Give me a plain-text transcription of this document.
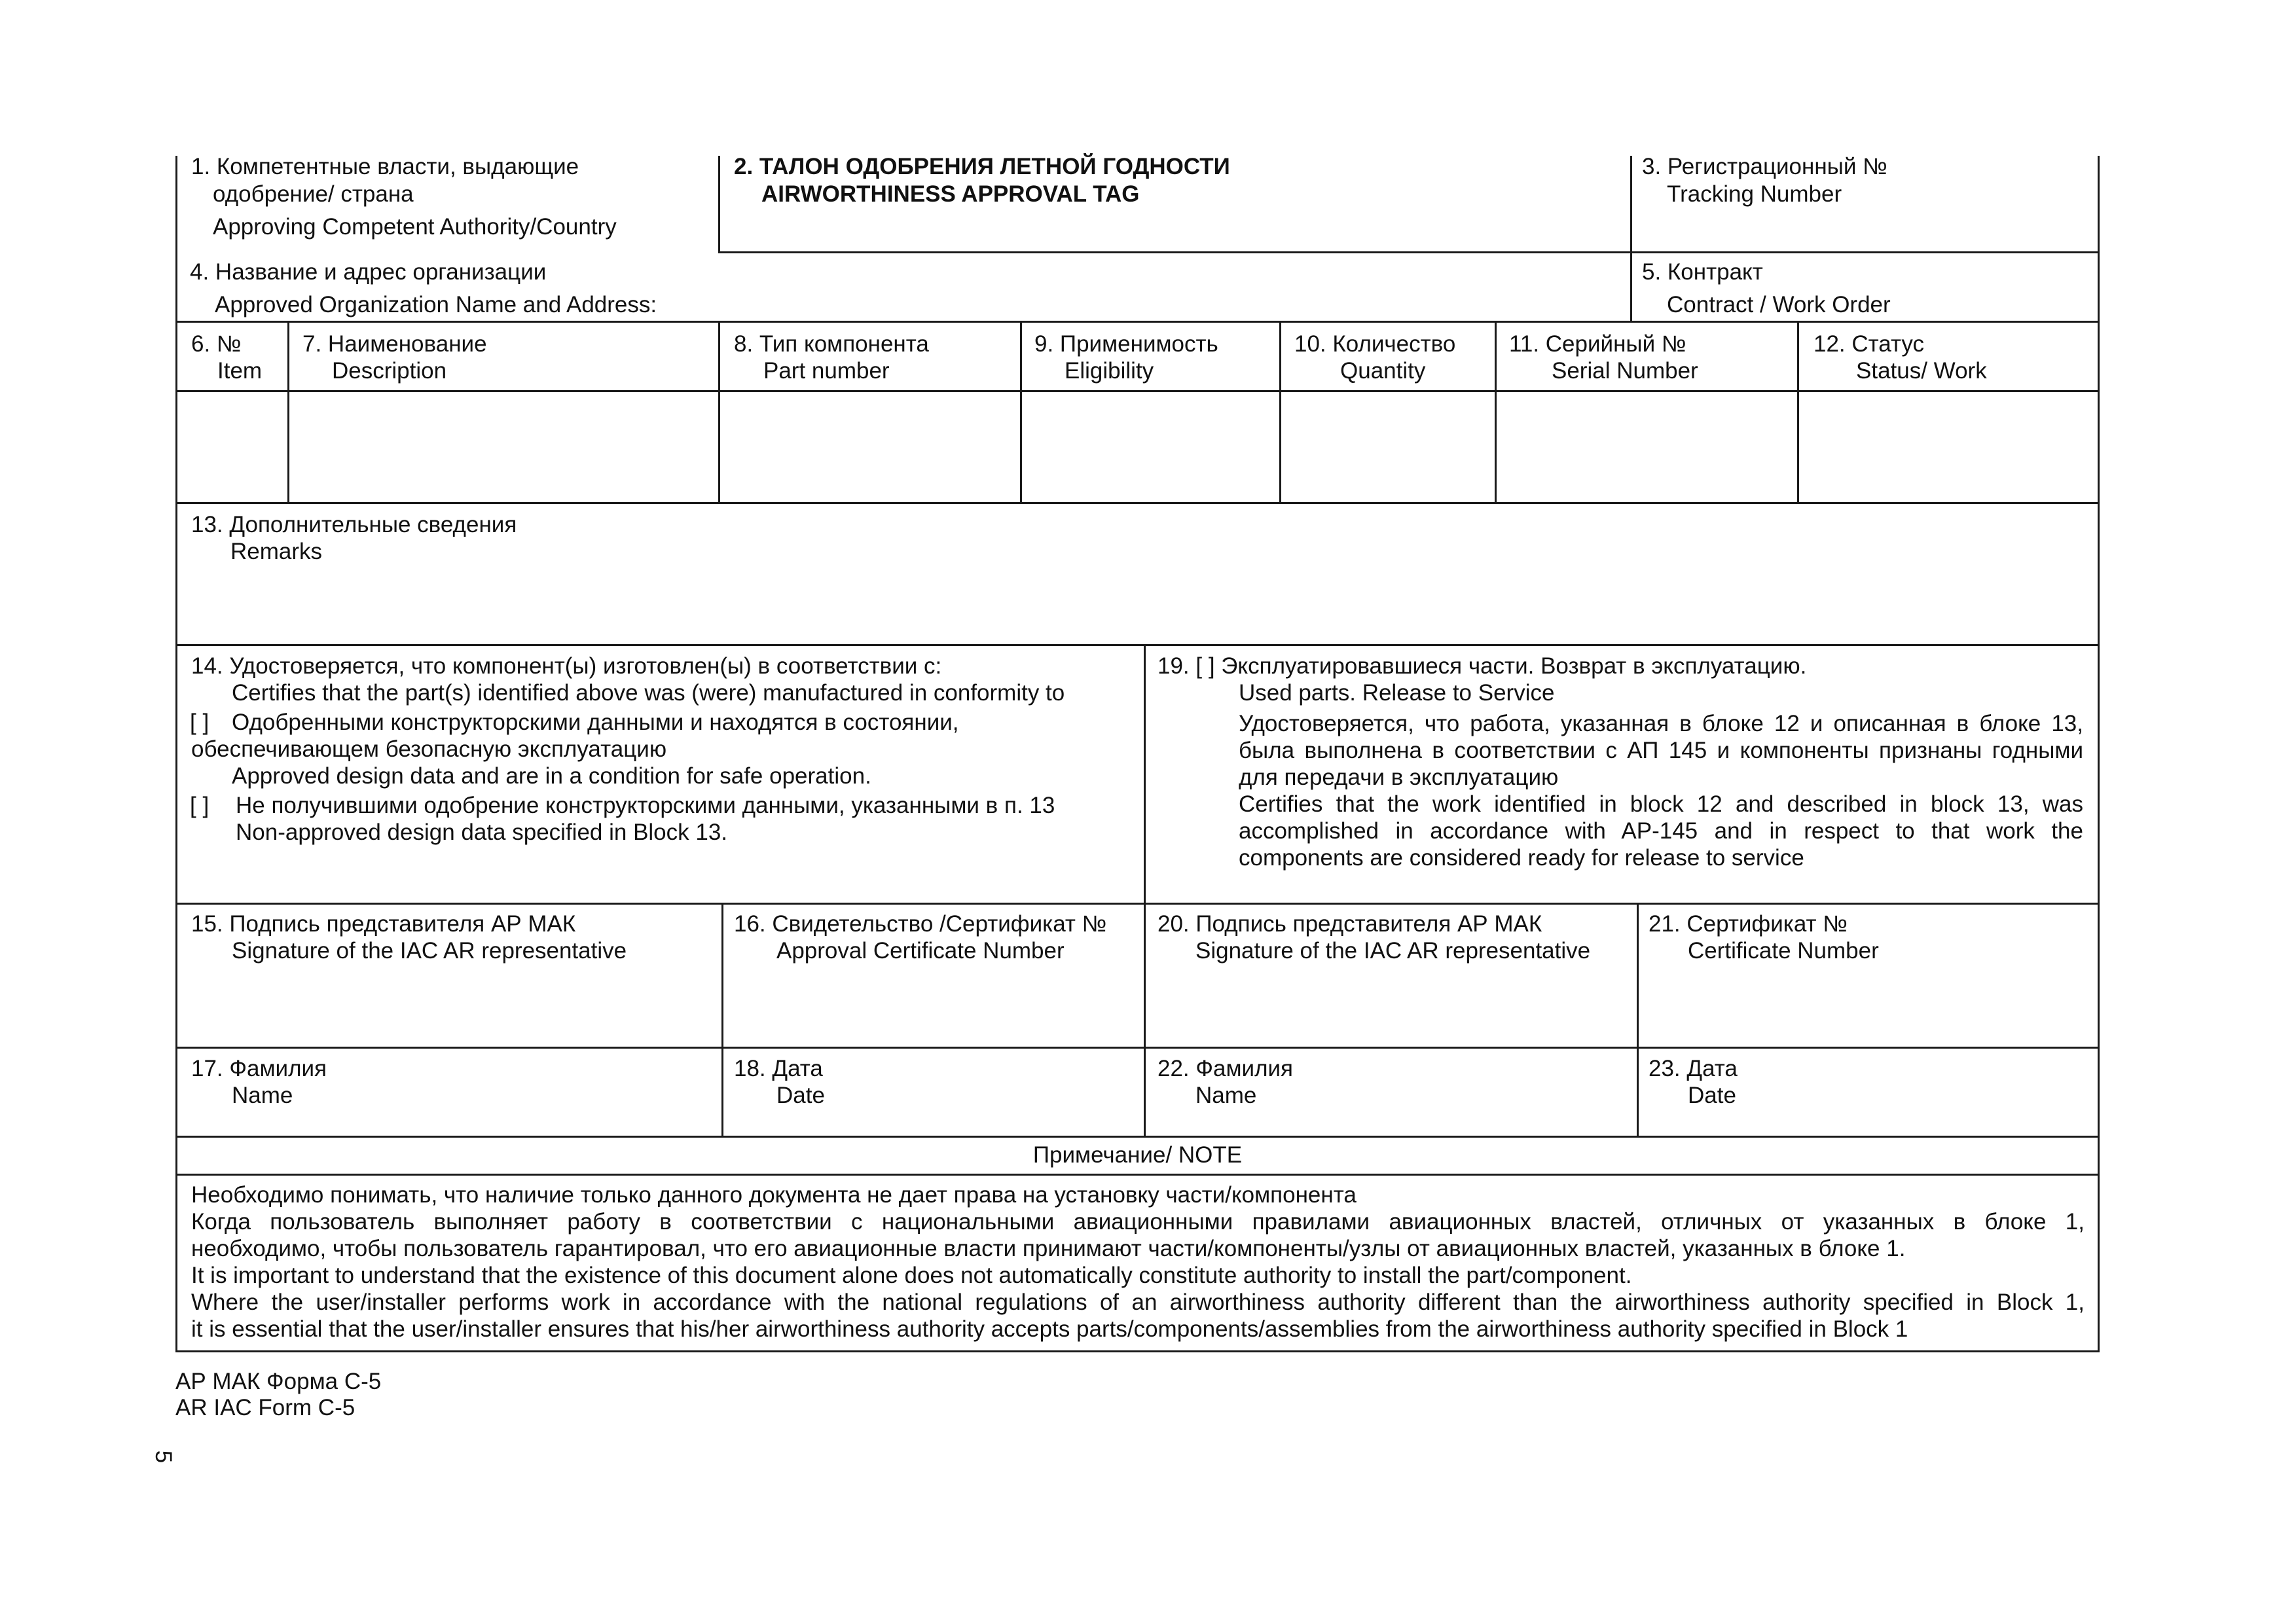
1. Компетентные власти, выдающие
одобрение/ страна
Approving Competent Authority/Country
2. ТАЛОН ОДОБРЕНИЯ ЛЕТНОЙ ГОДНОСТИ
AIRWORTHINESS APPROVAL TAG
3. Регистрационный №
Tracking Number
4. Название и адрес организации
Approved Organization Name and Address:
5. Контракт
Contract / Work Order
6. №
Item
7. Наименование
Description
8. Тип компонента
Part number
9. Применимость
Eligibility
10. Количество
Quantity
11. Серийный №
Serial Number
12. Статус
Status/ Work
13. Дополнительные сведения
Remarks
14. Удостоверяется, что компонент(ы) изготовлен(ы) в соответствии с:
Certifies that the part(s) identified above was (were) manufactured in conformity to
[ ] Одобренными конструкторскими данными и находятся в состоянии,
обеспечивающем безопасную эксплуатацию
Approved design data and are in a condition for safe operation.
[ ] Не получившими одобрение конструкторскими данными, указанными в п. 13
Non-approved design data specified in Block 13.
19. [ ] Эксплуатировавшиеся части. Возврат в эксплуатацию.
Used parts. Release to Service
Удостоверяется, что работа, указанная в блоке 12 и описанная в блоке 13,
была выполнена в соответствии с АП 145 и компоненты признаны годными
для передачи в эксплуатацию
Certifies that the work identified in block 12 and described in block 13, was
accomplished in accordance with AP-145 and in respect to that work the
components are considered ready for release to service
15. Подпись представителя АР МАК
Signature of the IAC AR representative
16. Свидетельство /Сертификат №
Approval Certificate Number
20. Подпись представителя АР МАК
Signature of the IAC AR representative
21. Сертификат №
Certificate Number
17. Фамилия
Name
18. Дата
Date
22. Фамилия
Name
23. Дата
Date
Примечание/ NOTE
Необходимо понимать, что наличие только данного документа не дает права на установку части/компонента
Когда пользователь выполняет работу в соответствии с национальными авиационными правилами авиационных властей, отличных от указанных в блоке 1,
необходимо, чтобы пользователь гарантировал, что его авиационные власти принимают части/компоненты/узлы от авиационных властей, указанных в блоке 1.
It is important to understand that the existence of this document alone does not automatically constitute authority to install the part/component.
Where the user/installer performs work in accordance with the national regulations of an airworthiness authority different than the airworthiness authority specified in Block 1,
it is essential that the user/installer ensures that his/her airworthiness authority accepts parts/components/assemblies from the airworthiness authority specified in Block 1
АР МАК Форма С-5
AR IAC Form C-5
5
